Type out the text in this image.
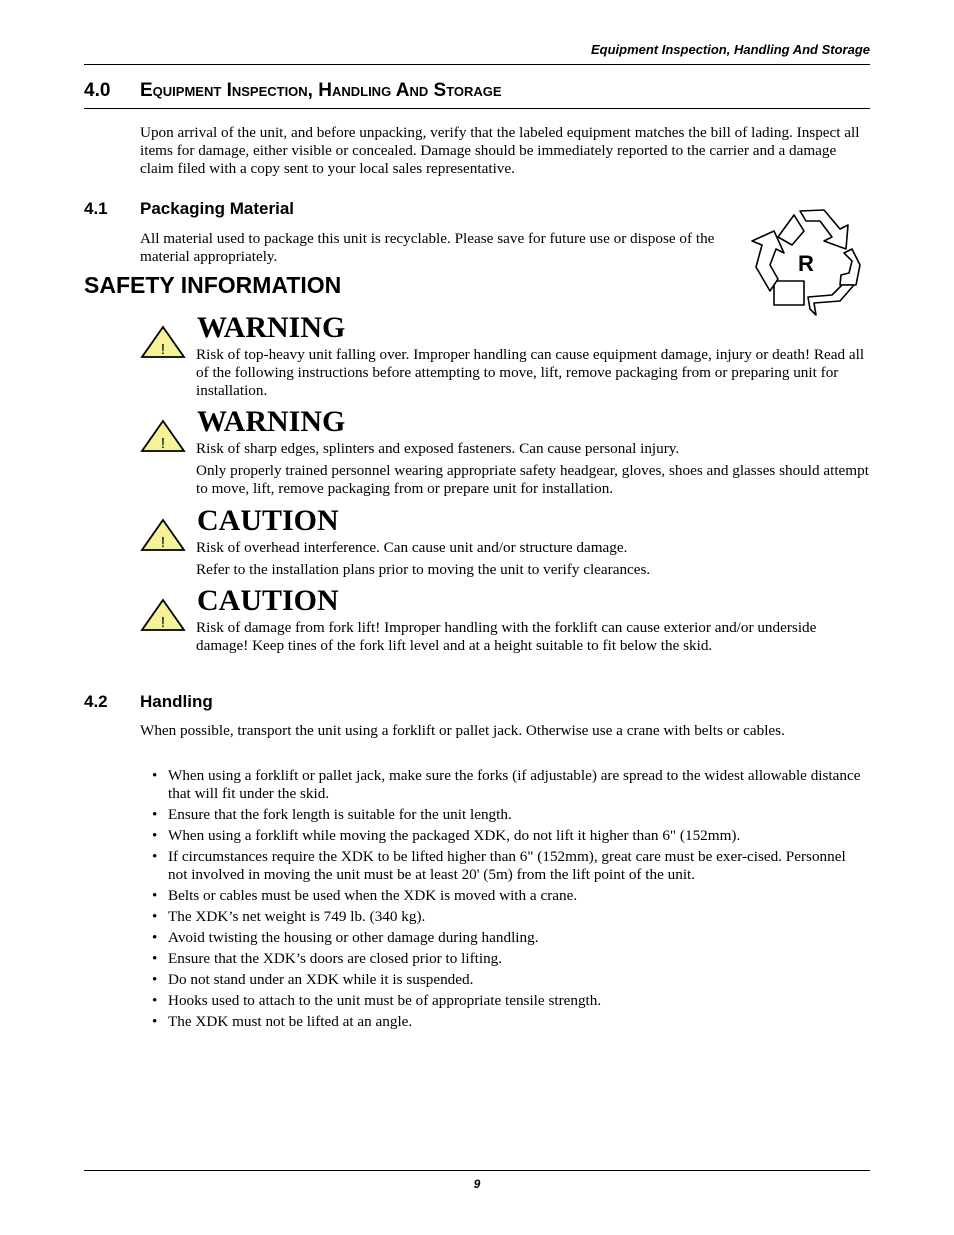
Equipment Inspection, Handling And Storage
4.0 Equipment Inspection, Handling And Storage

Upon arrival of the unit, and before unpacking, verify that the labeled equipment matches the bill of lading. Inspect all items for damage, either visible or concealed. Damage should be immediately reported to the carrier and a damage claim filed with a copy sent to your local sales representative.

4.1 Packaging Material

All material used to package this unit is recyclable. Please save for future use or dispose of the material appropriately.	R
SAFETY INFORMATION
!
WARNING

Risk of top-heavy unit falling over. Improper handling can cause equipment damage, injury or death! Read all of the following instructions before attempting to move, lift, remove packaging from or preparing unit for installation.

!
WARNING

Risk of sharp edges, splinters and exposed fasteners. Can cause personal injury.

Only properly trained personnel wearing appropriate safety headgear, gloves, shoes and glasses should attempt to move, lift, remove packaging from or prepare unit for installation.

!
CAUTION

Risk of overhead interference. Can cause unit and/or structure damage.

Refer to the installation plans prior to moving the unit to verify clearances.

!
CAUTION

Risk of damage from fork lift! Improper handling with the forklift can cause exterior and/or underside damage! Keep tines of the fork lift level and at a height suitable to fit below the skid.

4.2 Handling

When possible, transport the unit using a forklift or pallet jack. Otherwise use a crane with belts or cables.

• When using a forklift or pallet jack, make sure the forks (if adjustable) are spread to the widest allowable distance that will fit under the skid.
• Ensure that the fork length is suitable for the unit length.
• When using a forklift while moving the packaged XDK, do not lift it higher than 6" (152mm).
• If circumstances require the XDK to be lifted higher than 6" (152mm), great care must be exer-cised. Personnel not involved in moving the unit must be at least 20' (5m) from the lift point of the unit.
• Belts or cables must be used when the XDK is moved with a crane.
• The XDK’s net weight is 749 lb. (340 kg).
• Avoid twisting the housing or other damage during handling.
• Ensure that the XDK’s doors are closed prior to lifting.
• Do not stand under an XDK while it is suspended.
• Hooks used to attach to the unit must be of appropriate tensile strength.
• The XDK must not be lifted at an angle.
9
